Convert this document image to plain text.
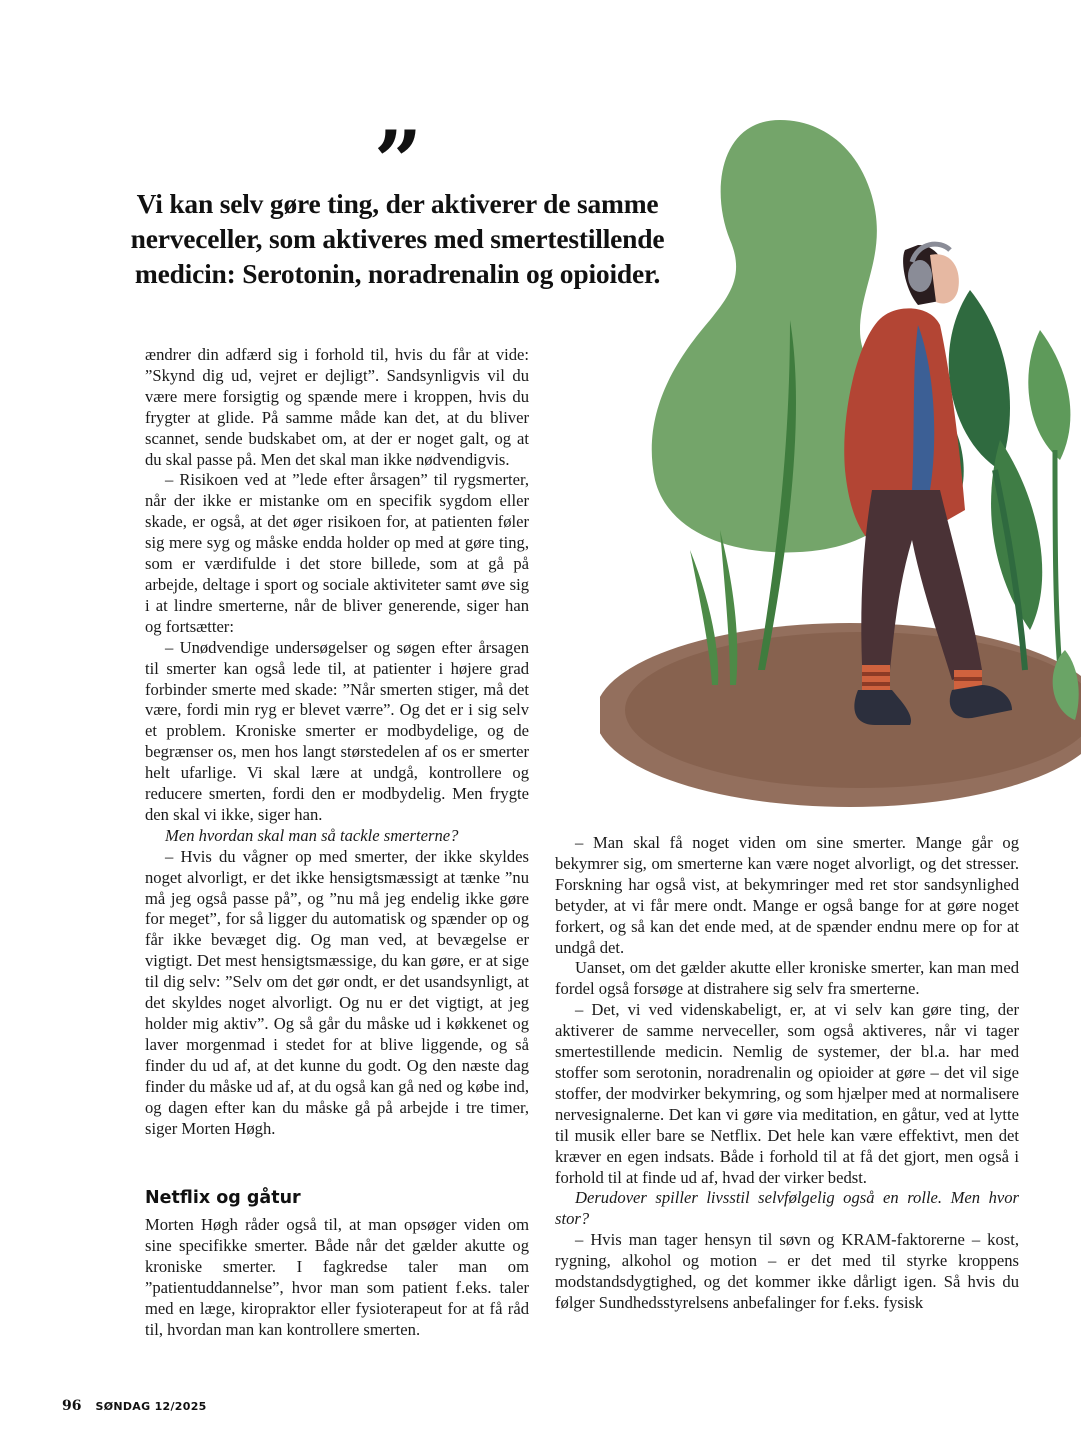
”
Vi kan selv gøre ting, der aktiverer de samme nerveceller, som aktiveres med smertestillende medicin: Serotonin, noradrenalin og opioider.

ændrer din adfærd sig i forhold til, hvis du får at vide: ”Skynd dig ud, vejret er dejligt”. Sandsynligvis vil du være mere forsigtig og spænde mere i kroppen, hvis du frygter at glide. På samme måde kan det, at du bliver scannet, sende budskabet om, at der er noget galt, og at du skal passe på. Men det skal man ikke nødvendigvis.

– Risikoen ved at ”lede efter årsagen” til rygsmerter, når der ikke er mistanke om en specifik sygdom eller skade, er også, at det øger risikoen for, at patienten føler sig mere syg og måske endda holder op med at gøre ting, som er værdifulde i det store billede, som at gå på arbejde, deltage i sport og sociale aktiviteter samt øve sig i at lindre smerterne, når de bliver generende, siger han og fortsætter:

– Unødvendige undersøgelser og søgen efter årsagen til smerter kan også lede til, at patienter i højere grad forbinder smerte med skade: ”Når smerten stiger, må det være, fordi min ryg er blevet værre”. Og det er i sig selv et problem. Kroniske smerter er modbydelige, og de begrænser os, men hos langt størstedelen af os er smerter helt ufarlige. Vi skal lære at undgå, kontrollere og reducere smerten, fordi den er modbydelig. Men frygte den skal vi ikke, siger han.

Men hvordan skal man så tackle smerterne?

– Hvis du vågner op med smerter, der ikke skyldes noget alvorligt, er det ikke hensigtsmæssigt at tænke ”nu må jeg også passe på”, og ”nu må jeg endelig ikke gøre for meget”, for så ligger du automatisk og spænder op og får ikke bevæget dig. Og man ved, at bevægelse er vigtigt. Det mest hensigtsmæssige, du kan gøre, er at sige til dig selv: ”Selv om det gør ondt, er det usandsynligt, at det skyldes noget alvorligt. Og nu er det vigtigt, at jeg holder mig aktiv”. Og så går du måske ud i køkkenet og laver morgenmad i stedet for at blive liggende, og så finder du ud af, at det kunne du godt. Og den næste dag finder du måske ud af, at du også kan gå ned og købe ind, og dagen efter kan du måske gå på arbejde i tre timer, siger Morten Høgh.

Netflix og gåtur

Morten Høgh råder også til, at man opsøger viden om sine specifikke smerter. Både når det gælder akutte og kroniske smerter. I fagkredse taler man om ”patientuddannelse”, hvor man som patient f.eks. taler med en læge, kiropraktor eller fysioterapeut for at få råd til, hvordan man kan kontrollere smerten.

– Man skal få noget viden om sine smerter. Mange går og bekymrer sig, om smerterne kan være noget alvorligt, og det stresser. Forskning har også vist, at bekymringer med ret stor sandsynlighed betyder, at vi får mere ondt. Mange er også bange for at gøre noget forkert, og så kan det ende med, at de spænder endnu mere op for at undgå det.

Uanset, om det gælder akutte eller kroniske smerter, kan man med fordel også forsøge at distrahere sig selv fra smerterne.

– Det, vi ved videnskabeligt, er, at vi selv kan gøre ting, der aktiverer de samme nerveceller, som også aktiveres, når vi tager smertestillende medicin. Nemlig de systemer, der bl.a. har med stoffer som serotonin, noradrenalin og opioider at gøre – det vil sige stoffer, der modvirker bekymring, og som hjælper med at normalisere nervesignalerne. Det kan vi gøre via meditation, en gåtur, ved at lytte til musik eller bare se Netflix. Det hele kan være effektivt, men det kræver en egen indsats. Både i forhold til at få det gjort, men også i forhold til at finde ud af, hvad der virker bedst.

Derudover spiller livsstil selvfølgelig også en rolle. Men hvor stor?

– Hvis man tager hensyn til søvn og KRAM-faktorerne – kost, rygning, alkohol og motion – er det med til styrke kroppens modstandsdygtighed, og det kommer ikke dårligt igen. Så hvis du følger Sundhedsstyrelsens anbefalinger for f.eks. fysisk

96 SØNDAG 12/2025
